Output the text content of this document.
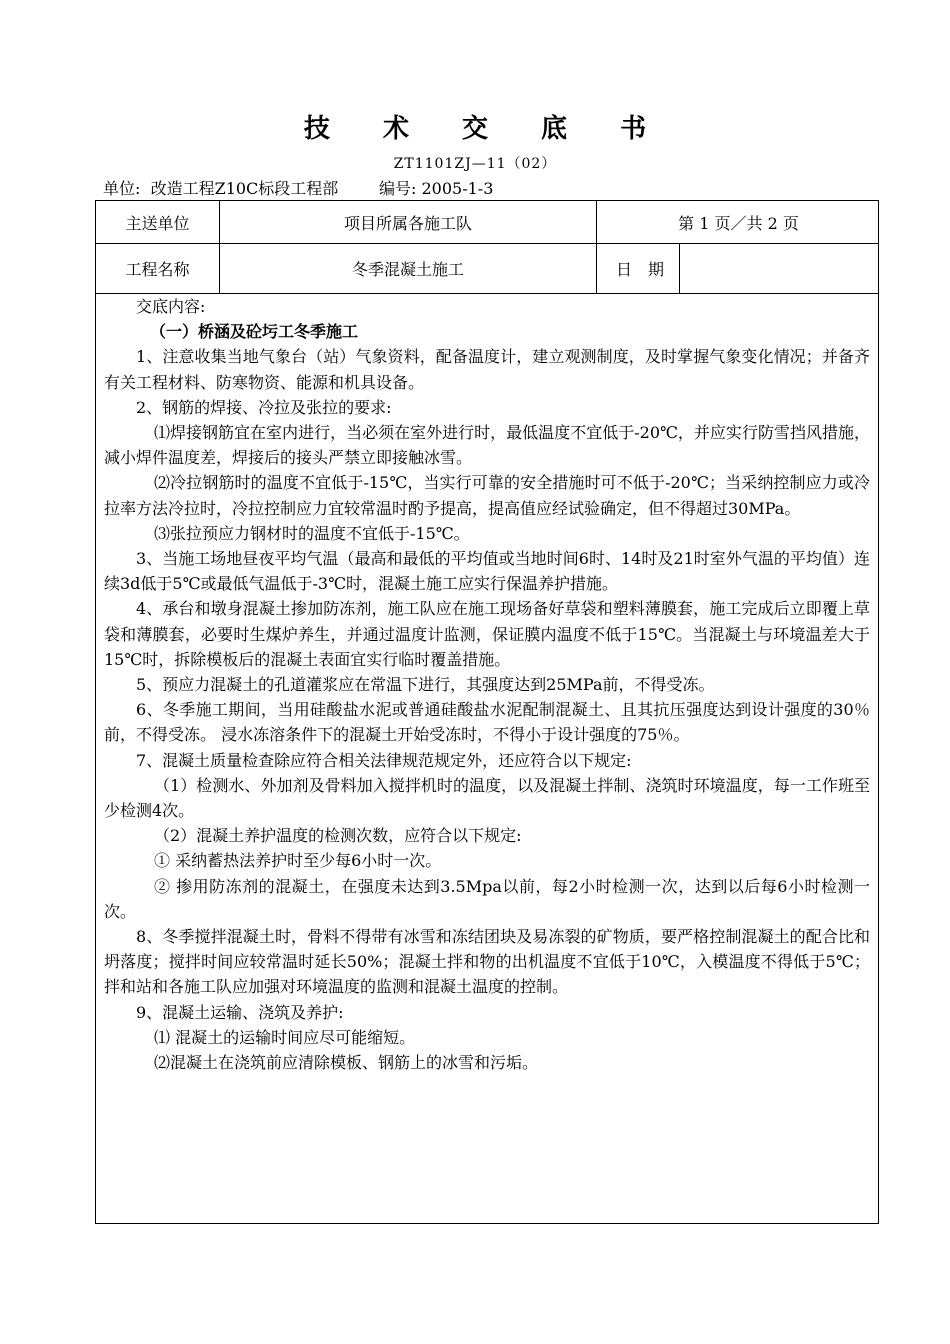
技 术 交 底 书
ZT1101ZJ—11（02）
单位: 改造工程Z10C标段工程部	编号: 2005-1-3
主送单位	项目所属各施工队	第 1 页／共 2 页
工程名称	冬季混凝土施工	日　期

交底内容:

（一）桥涵及砼圬工冬季施工

1、注意收集当地气象台（站）气象资料，配备温度计，建立观测制度，及时掌握气象变化情况；并备齐有关工程材料、防寒物资、能源和机具设备。

2、钢筋的焊接、冷拉及张拉的要求:

⑴焊接钢筋宜在室内进行，当必须在室外进行时，最低温度不宜低于-20℃，并应实行防雪挡风措施，减小焊件温度差，焊接后的接头严禁立即接触冰雪。

⑵冷拉钢筋时的温度不宜低于-15℃，当实行可靠的安全措施时可不低于-20℃；当采纳控制应力或冷拉率方法冷拉时，冷拉控制应力宜较常温时酌予提高，提高值应经试验确定，但不得超过30MPa。

⑶张拉预应力钢材时的温度不宜低于-15℃。

3、当施工场地昼夜平均气温（最高和最低的平均值或当地时间6时、14时及21时室外气温的平均值）连续3d低于5℃或最低气温低于-3℃时，混凝土施工应实行保温养护措施。

4、承台和墩身混凝土掺加防冻剂，施工队应在施工现场备好草袋和塑料薄膜套，施工完成后立即覆上草袋和薄膜套，必要时生煤炉养生，并通过温度计监测，保证膜内温度不低于15℃。当混凝土与环境温差大于15℃时，拆除模板后的混凝土表面宜实行临时覆盖措施。

5、预应力混凝土的孔道灌浆应在常温下进行，其强度达到25MPa前，不得受冻。

6、冬季施工期间，当用硅酸盐水泥或普通硅酸盐水泥配制混凝土、且其抗压强度达到设计强度的30％前，不得受冻。 浸水冻溶条件下的混凝土开始受冻时，不得小于设计强度的75％。

7、混凝土质量检查除应符合相关法律规范规定外，还应符合以下规定:

（1）检测水、外加剂及骨料加入搅拌机时的温度，以及混凝土拌制、浇筑时环境温度，每一工作班至少检测4次。

（2）混凝土养护温度的检测次数，应符合以下规定:

① 采纳蓄热法养护时至少每6小时一次。

② 掺用防冻剂的混凝土，在强度未达到3.5Mpa以前，每2小时检测一次，达到以后每6小时检测一次。

8、冬季搅拌混凝土时，骨料不得带有冰雪和冻结团块及易冻裂的矿物质，要严格控制混凝土的配合比和坍落度；搅拌时间应较常温时延长50%；混凝土拌和物的出机温度不宜低于10℃，入模温度不得低于5℃；拌和站和各施工队应加强对环境温度的监测和混凝土温度的控制。

9、混凝土运输、浇筑及养护:

⑴ 混凝土的运输时间应尽可能缩短。

⑵混凝土在浇筑前应清除模板、钢筋上的冰雪和污垢。
